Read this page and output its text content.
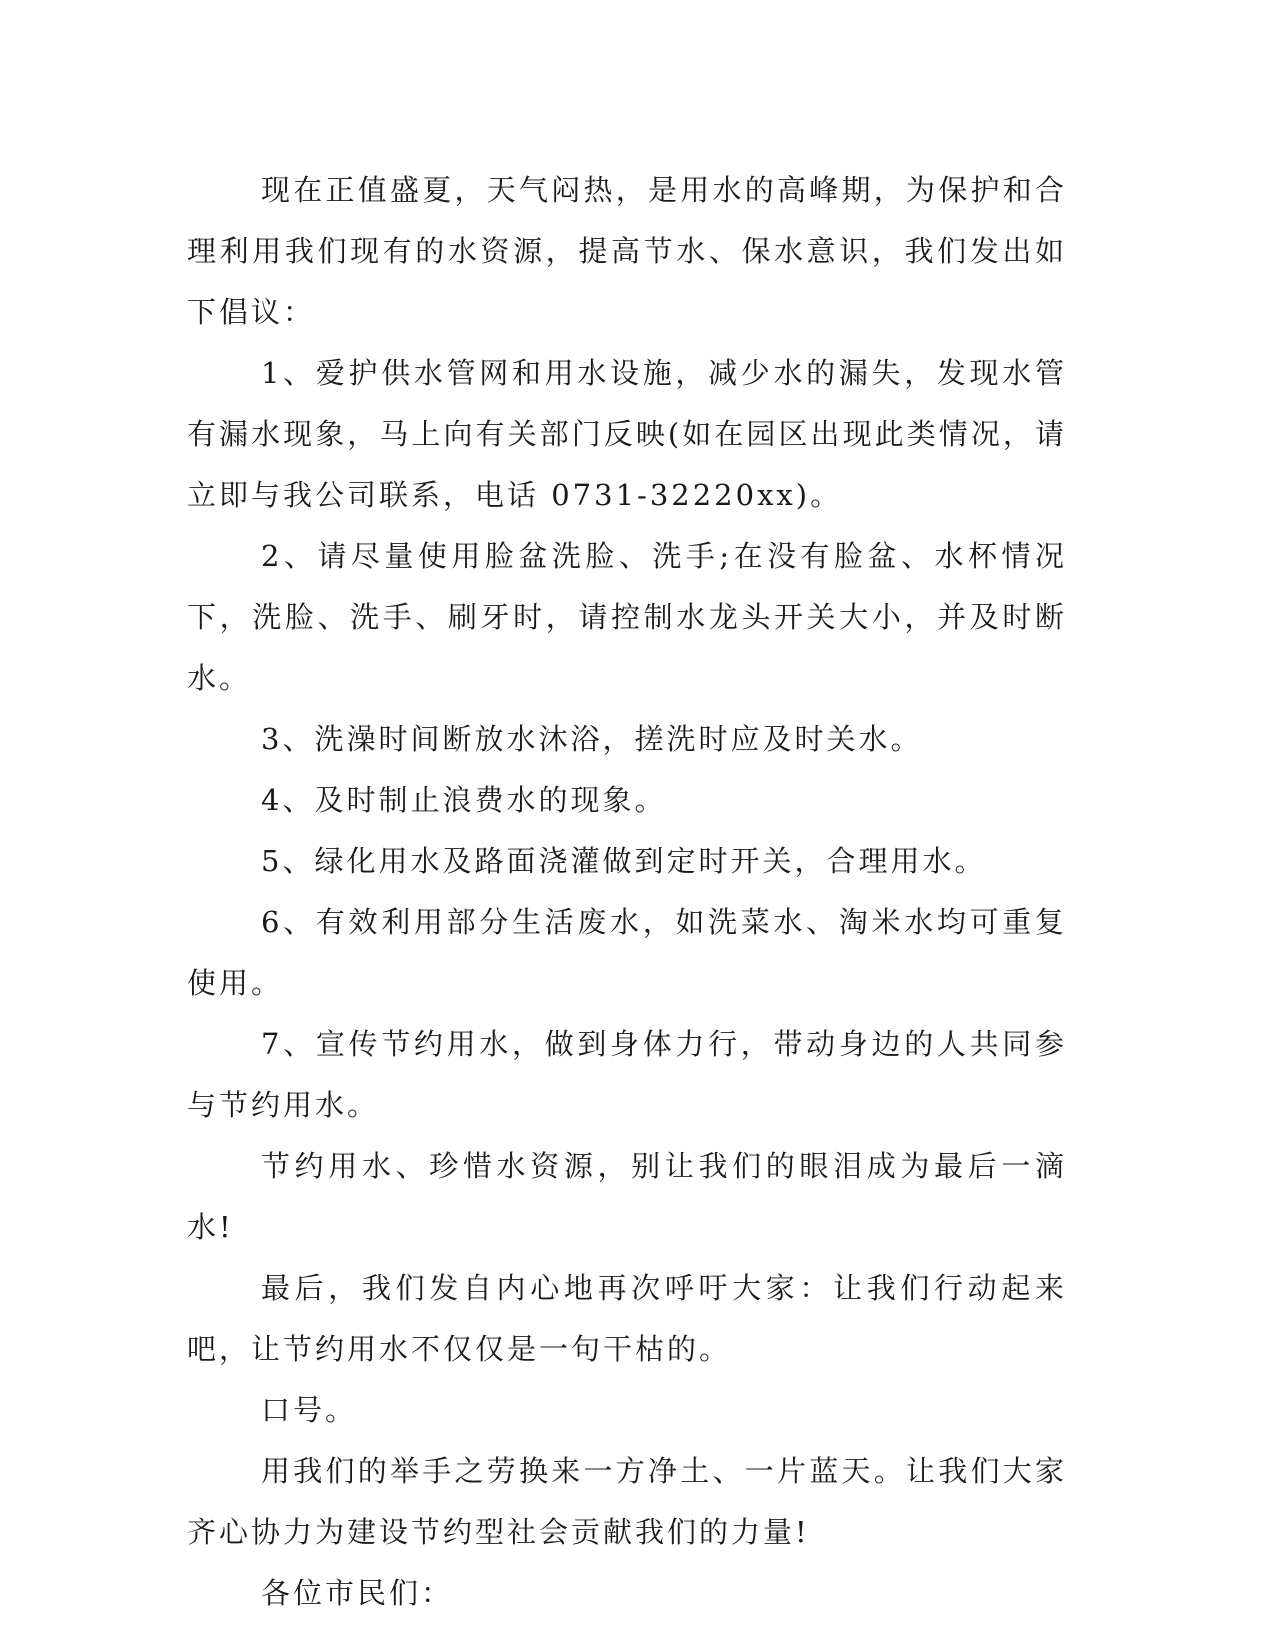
现在正值盛夏，天气闷热，是用水的高峰期，为保护和合理利用我们现有的水资源，提高节水、保水意识，我们发出如下倡议：

1、爱护供水管网和用水设施，减少水的漏失，发现水管有漏水现象，马上向有关部门反映(如在园区出现此类情况，请立即与我公司联系，电话 0731-32220xx)。

2、请尽量使用脸盆洗脸、洗手;在没有脸盆、水杯情况下，洗脸、洗手、刷牙时，请控制水龙头开关大小，并及时断水。

3、洗澡时间断放水沐浴，搓洗时应及时关水。

4、及时制止浪费水的现象。

5、绿化用水及路面浇灌做到定时开关，合理用水。

6、有效利用部分生活废水，如洗菜水、淘米水均可重复使用。

7、宣传节约用水，做到身体力行，带动身边的人共同参与节约用水。

节约用水、珍惜水资源，别让我们的眼泪成为最后一滴水!

最后，我们发自内心地再次呼吁大家：让我们行动起来吧，让节约用水不仅仅是一句干枯的。

口号。

用我们的举手之劳换来一方净土、一片蓝天。让我们大家齐心协力为建设节约型社会贡献我们的力量!

各位市民们：
